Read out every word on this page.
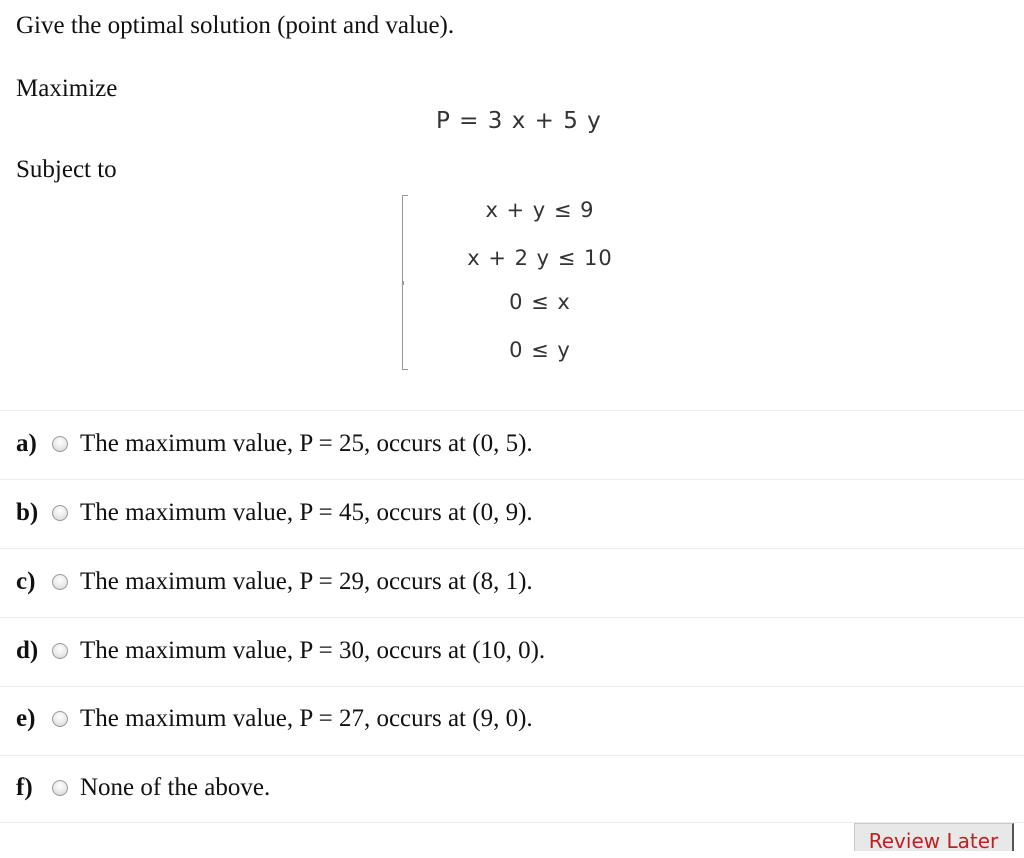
Give the optimal solution (point and value).
Maximize
P = 3 x + 5 y
Subject to
x + y ≤ 9
x + 2 y ≤ 10
0 ≤ x
0 ≤ y
a)	The maximum value, P = 25, occurs at (0, 5).
b)	The maximum value, P = 45, occurs at (0, 9).
c)	The maximum value, P = 29, occurs at (8, 1).
d)	The maximum value, P = 30, occurs at (10, 0).
e)	The maximum value, P = 27, occurs at (9, 0).
f)	None of the above.
Review Later
